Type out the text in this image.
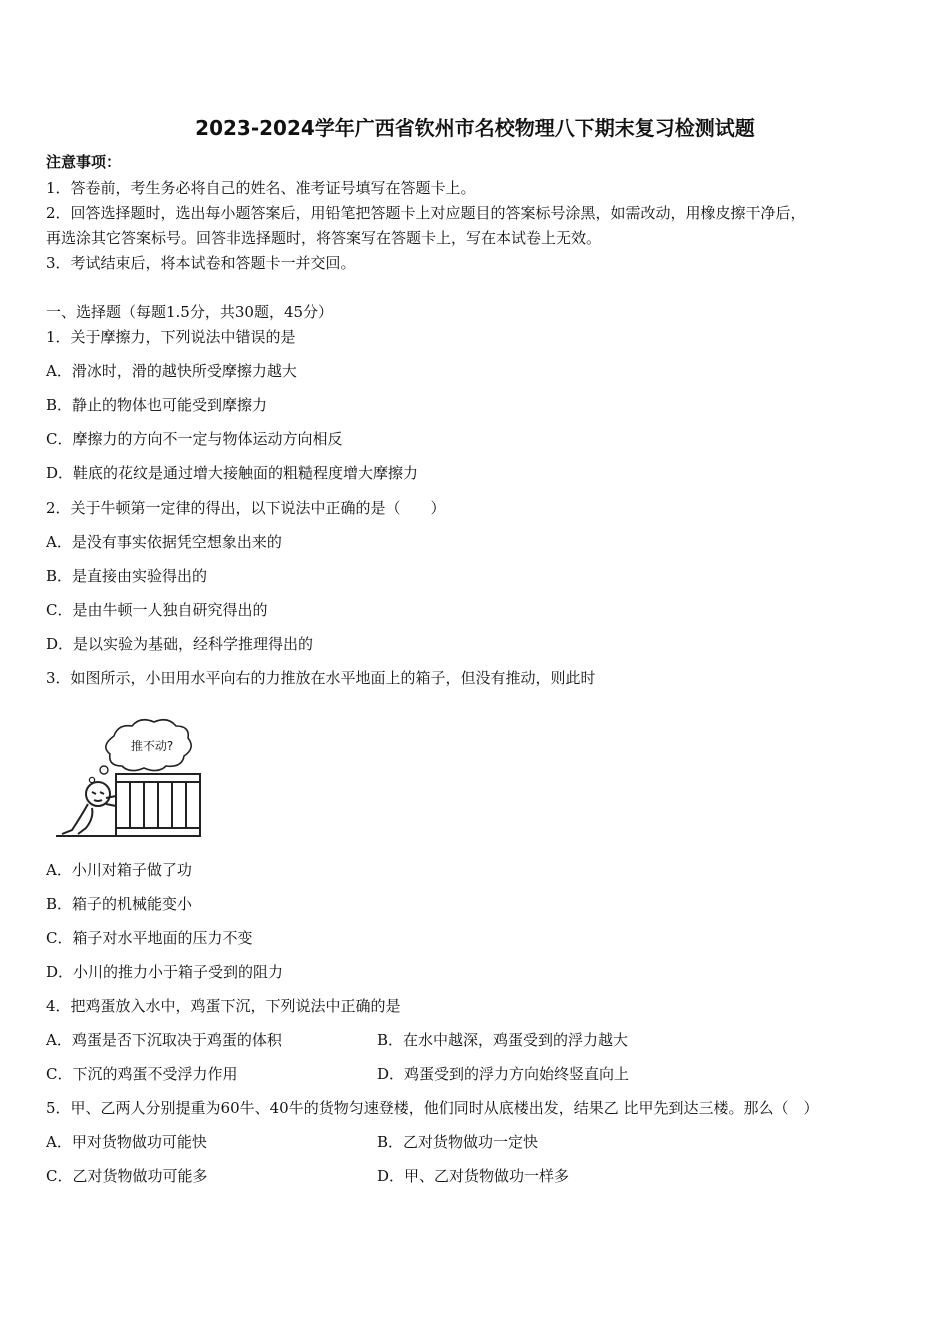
2023-2024学年广西省钦州市名校物理八下期末复习检测试题
注意事项：
1．答卷前，考生务必将自己的姓名、准考证号填写在答题卡上。
2．回答选择题时，选出每小题答案后，用铅笔把答题卡上对应题目的答案标号涂黑，如需改动，用橡皮擦干净后，
再选涂其它答案标号。回答非选择题时，将答案写在答题卡上，写在本试卷上无效。
3．考试结束后，将本试卷和答题卡一并交回。
一、选择题（每题1.5分，共30题，45分）
1．关于摩擦力，下列说法中错误的是
A．滑冰时，滑的越快所受摩擦力越大
B．静止的物体也可能受到摩擦力
C．摩擦力的方向不一定与物体运动方向相反
D．鞋底的花纹是通过增大接触面的粗糙程度增大摩擦力
2．关于牛顿第一定律的得出，以下说法中正确的是（　　）
A．是没有事实依据凭空想象出来的
B．是直接由实验得出的
C．是由牛顿一人独自研究得出的
D．是以实验为基础，经科学推理得出的
3．如图所示，小田用水平向右的力推放在水平地面上的箱子，但没有推动，则此时
推不动?
A．小川对箱子做了功
B．箱子的机械能变小
C．箱子对水平地面的压力不变
D．小川的推力小于箱子受到的阻力
4．把鸡蛋放入水中，鸡蛋下沉，下列说法中正确的是
A．鸡蛋是否下沉取决于鸡蛋的体积	B．在水中越深，鸡蛋受到的浮力越大
C．下沉的鸡蛋不受浮力作用	D．鸡蛋受到的浮力方向始终竖直向上
5．甲、乙两人分别提重为60牛、40牛的货物匀速登楼，他们同时从底楼出发，结果乙 比甲先到达三楼。那么（　）
A．甲对货物做功可能快	B．乙对货物做功一定快
C．乙对货物做功可能多	D．甲、乙对货物做功一样多
